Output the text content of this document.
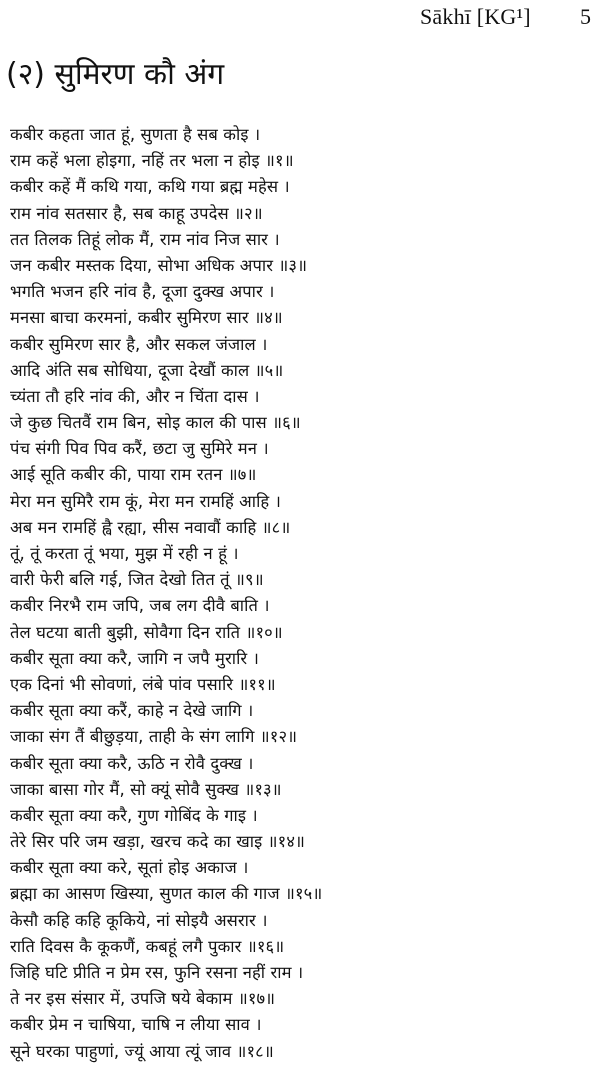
Sākhī [KG¹] 5
(२) सुमिरण कौ अंग
कबीर कहता जात हूं, सुणता है सब कोइ ।
राम कहें भला होइगा, नहिं तर भला न होइ ॥१॥
कबीर कहें मैं कथि गया, कथि गया ब्रह्म महेस ।
राम नांव सतसार है, सब काहू उपदेस ॥२॥
तत तिलक तिहूं लोक मैं, राम नांव निज सार ।
जन कबीर मस्तक दिया, सोभा अधिक अपार ॥३॥
भगति भजन हरि नांव है, दूजा दुक्ख अपार ।
मनसा बाचा करमनां, कबीर सुमिरण सार ॥४॥
कबीर सुमिरण सार है, और सकल जंजाल ।
आदि अंति सब सोधिया, दूजा देखौं काल ॥५॥
च्यंता तौ हरि नांव की, और न चिंता दास ।
जे कुछ चितवैं राम बिन, सोइ काल की पास ॥६॥
पंच संगी पिव पिव करैं, छटा जु सुमिरे मन ।
आई सूति कबीर की, पाया राम रतन ॥७॥
मेरा मन सुमिरै राम कूं, मेरा मन रामहिं आहि ।
अब मन रामहिं ह्वै रह्या, सीस नवावौं काहि ॥८॥
तूं, तूं करता तूं भया, मुझ में रही न हूं ।
वारी फेरी बलि गई, जित देखो तित तूं ॥९॥
कबीर निरभै राम जपि, जब लग दीवै बाति ।
तेल घटया बाती बुझी, सोवैगा दिन राति ॥१०॥
कबीर सूता क्या करै, जागि न जपै मुरारि ।
एक दिनां भी सोवणां, लंबे पांव पसारि ॥११॥
कबीर सूता क्या करैं, काहे न देखे जागि ।
जाका संग तैं बीछुड़या, ताही के संग लागि ॥१२॥
कबीर सूता क्या करै, ऊठि न रोवै दुक्ख ।
जाका बासा गोर मैं, सो क्यूं सोवै सुक्ख ॥१३॥
कबीर सूता क्या करै, गुण गोबिंद के गाइ ।
तेरे सिर परि जम खड़ा, खरच कदे का खाइ ॥१४॥
कबीर सूता क्या करे, सूतां होइ अकाज ।
ब्रह्मा का आसण खिस्या, सुणत काल की गाज ॥१५॥
केसौ कहि कहि कूकिये, नां सोइयै असरार ।
राति दिवस कै कूकणैं, कबहूं लगै पुकार ॥१६॥
जिहि घटि प्रीति न प्रेम रस, फुनि रसना नहीं राम ।
ते नर इस संसार में, उपजि षये बेकाम ॥१७॥
कबीर प्रेम न चाषिया, चाषि न लीया साव ।
सूने घरका पाहुणां, ज्यूं आया त्यूं जाव ॥१८॥
